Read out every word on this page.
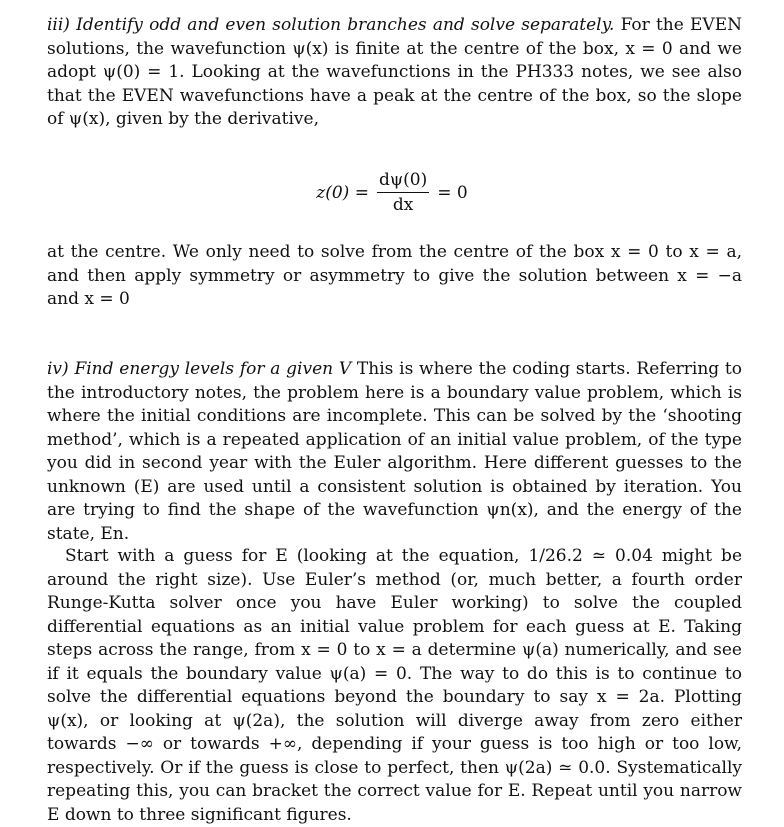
iii) Identify odd and even solution branches and solve separately. For the EVEN solutions, the wavefunction ψ(x) is finite at the centre of the box, x = 0 and we adopt ψ(0) = 1. Looking at the wavefunctions in the PH333 notes, we see also that the EVEN wavefunctions have a peak at the centre of the box, so the slope of ψ(x), given by the derivative,

$z(0) = \frac{d\psi(0)}{dx} = 0$

at the centre. We only need to solve from the centre of the box x = 0 to x = a, and then apply symmetry or asymmetry to give the solution between x = −a and x = 0

iv) Find energy levels for a given V This is where the coding starts. Referring to the introductory notes, the problem here is a boundary value problem, which is where the initial conditions are incomplete. This can be solved by the ‘shooting method’, which is a repeated application of an initial value problem, of the type you did in second year with the Euler algorithm. Here different guesses to the unknown (E) are used until a consistent solution is obtained by iteration. You are trying to find the shape of the wavefunction ψn(x), and the energy of the state, En.

Start with a guess for E (looking at the equation, 1/26.2 ≃ 0.04 might be around the right size). Use Euler’s method (or, much better, a fourth order Runge-Kutta solver once you have Euler working) to solve the coupled differential equations as an initial value problem for each guess at E. Taking steps across the range, from x = 0 to x = a determine ψ(a) numerically, and see if it equals the boundary value ψ(a) = 0. The way to do this is to continue to solve the differential equations beyond the boundary to say x = 2a. Plotting ψ(x), or looking at ψ(2a), the solution will diverge away from zero either towards −∞ or towards +∞, depending if your guess is too high or too low, respectively. Or if the guess is close to perfect, then ψ(2a) ≃ 0.0. Systematically repeating this, you can bracket the correct value for E. Repeat until you narrow E down to three significant figures.
